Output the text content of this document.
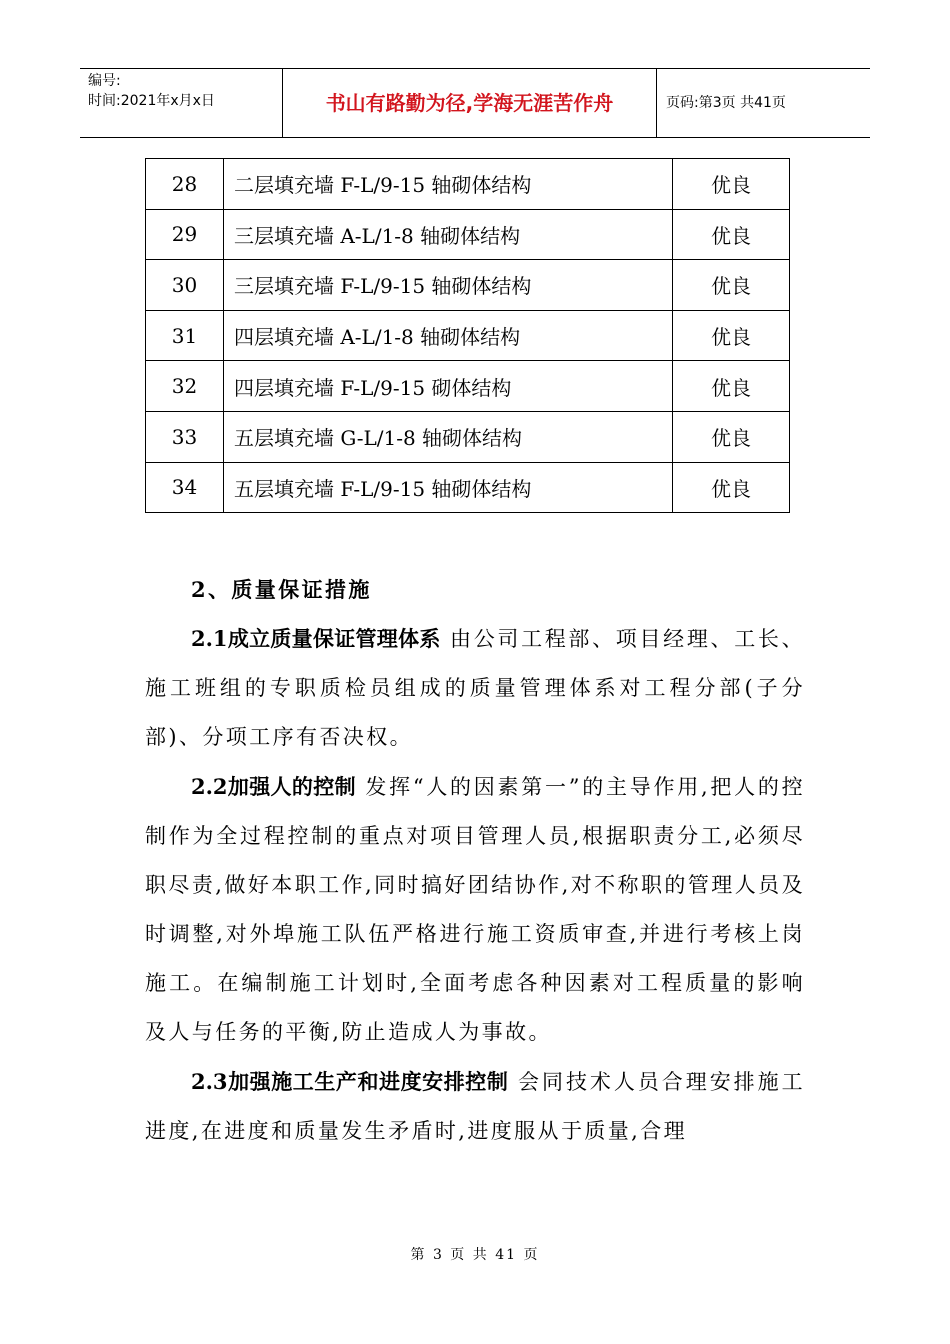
编号:
时间:2021年x月x日	书山有路勤为径,学海无涯苦作舟	页码:第3页 共41页
28	二层填充墙 F-L/9-15 轴砌体结构	优良
29	三层填充墙 A-L/1-8 轴砌体结构	优良
30	三层填充墙 F-L/9-15 轴砌体结构	优良
31	四层填充墙 A-L/1-8 轴砌体结构	优良
32	四层填充墙 F-L/9-15 砌体结构	优良
33	五层填充墙 G-L/1-8 轴砌体结构	优良
34	五层填充墙 F-L/9-15 轴砌体结构	优良

2、质量保证措施

2.1成立质量保证管理体系 由公司工程部、项目经理、工长、施工班组的专职质检员组成的质量管理体系对工程分部(子分部)、分项工序有否决权。

2.2加强人的控制 发挥“人的因素第一”的主导作用,把人的控制作为全过程控制的重点对项目管理人员,根据职责分工,必须尽职尽责,做好本职工作,同时搞好团结协作,对不称职的管理人员及时调整,对外埠施工队伍严格进行施工资质审查,并进行考核上岗施工。在编制施工计划时,全面考虑各种因素对工程质量的影响及人与任务的平衡,防止造成人为事故。

2.3加强施工生产和进度安排控制 会同技术人员合理安排施工进度,在进度和质量发生矛盾时,进度服从于质量,合理

第 3 页 共 41 页
